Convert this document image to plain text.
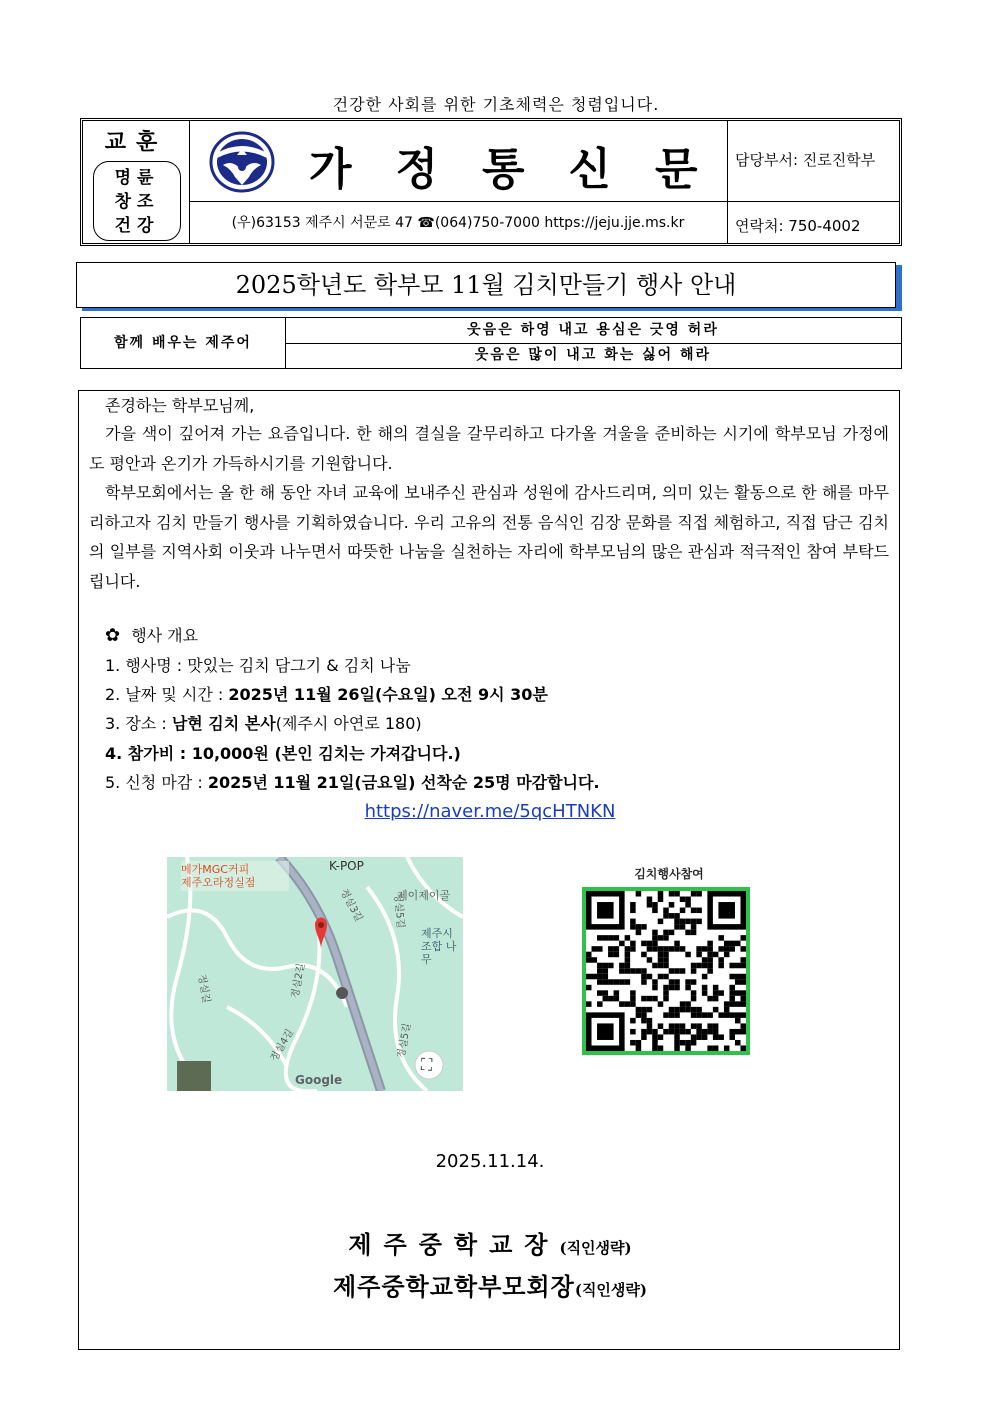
건강한 사회를 위한 기초체력은 청렴입니다.
교훈
명륜
창조
건강
가정통신문
(우)63153 제주시 서문로 47 ☎(064)750-7000 https://jeju.jje.ms.kr
담당부서: 진로진학부
연락처: 750-4002
2025학년도 학부모 11월 김치만들기 행사 안내
함께 배우는 제주어
웃음은 하영 내고 용심은 긋영 허라
웃음은 많이 내고 화는 싫어 해라
존경하는 학부모님께,
가을 색이 깊어져 가는 요즘입니다. 한 해의 결실을 갈무리하고 다가올 겨울을 준비하는 시기에 학부모님 가정에도 평안과 온기가 가득하시기를 기원합니다.
학부모회에서는 올 한 해 동안 자녀 교육에 보내주신 관심과 성원에 감사드리며, 의미 있는 활동으로 한 해를 마무리하고자 김치 만들기 행사를 기획하였습니다. 우리 고유의 전통 음식인 김장 문화를 직접 체험하고, 직접 담근 김치의 일부를 지역사회 이웃과 나누면서 따뜻한 나눔을 실천하는 자리에 학부모님의 많은 관심과 적극적인 참여 부탁드립니다.
✿ 행사 개요
1. 행사명 : 맛있는 김치 담그기 & 김치 나눔
2. 날짜 및 시간 : 2025년 11월 26일(수요일) 오전 9시 30분
3. 장소 : 남현 김치 본사(제주시 아연로 180)
4. 참가비 : 10,000원 (본인 김치는 가져갑니다.)
5. 신청 마감 : 2025년 11월 21일(금요일) 선착순 25명 마감합니다.
https://naver.me/5qcHTNKN
메가MGC커피
제주오라정실점
K-POP
제이제이골
제주시
조합 나무
정실3길	정실5길
정실2길
정실4길	정실5길
정실길
Google
⛶
김치행사참여
2025.11.14.
제주중학교장(직인생략)
제주중학교학부모회장(직인생략)
